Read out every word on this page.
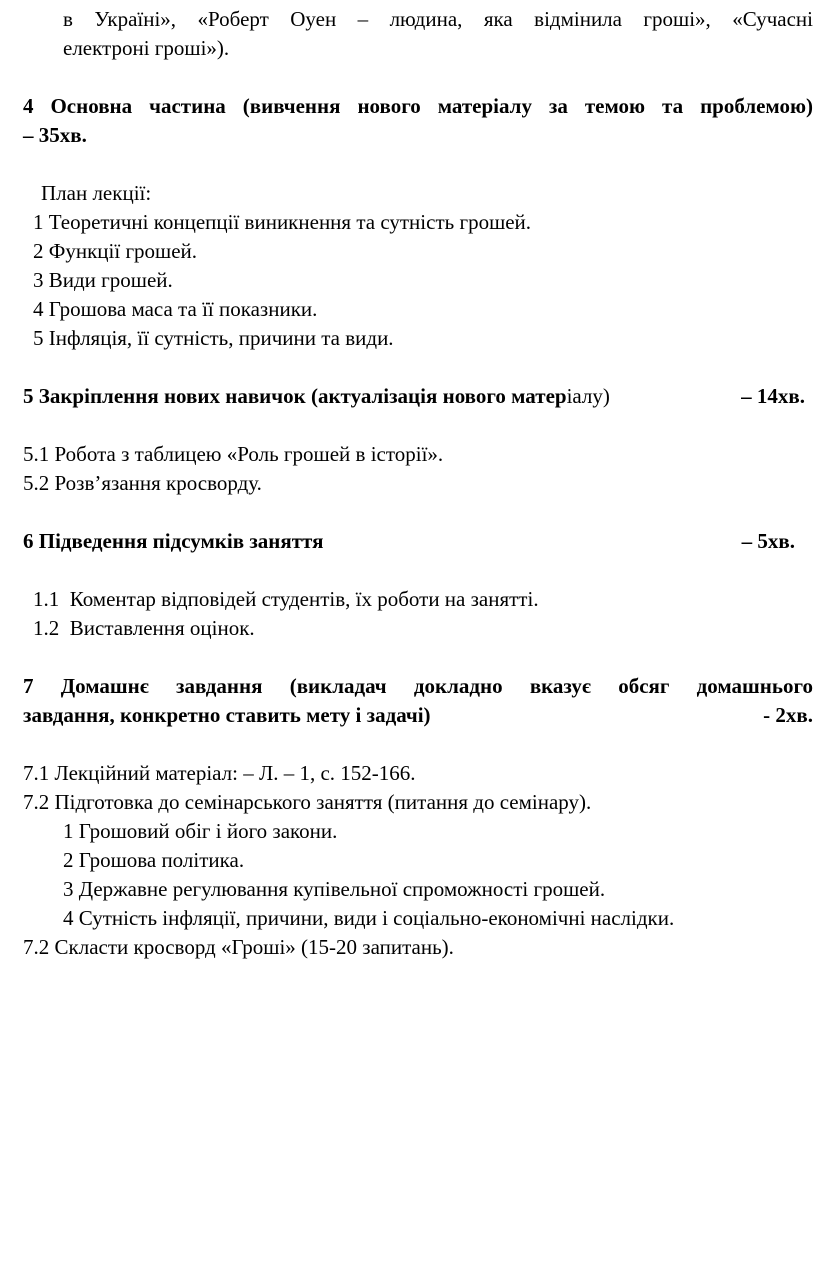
в Україні», «Роберт Оуен – людина, яка відмінила гроші», «Сучасні
електроні гроші»).
4 Основна частина (вивчення нового матеріалу за темою та проблемою)
– 35хв.
План лекції:
1 Теоретичні концепції виникнення та сутність грошей.
2 Функції грошей.
3 Види грошей.
4 Грошова маса та її показники.
5 Інфляція, її сутність, причини та види.
5 Закріплення нових навичок (актуалізація нового матеріалу)	– 14хв.
5.1 Робота з таблицею «Роль грошей в історії».
5.2 Розв’язання кросворду.
6 Підведення підсумків заняття	– 5хв.
1.1 Коментар відповідей студентів, їх роботи на занятті.
1.2 Виставлення оцінок.
7 Домашнє завдання (викладач докладно вказує обсяг домашнього
завдання, конкретно ставить мету і задачі)	- 2хв.
7.1 Лекційний матеріал: – Л. – 1, с. 152-166.
7.2 Підготовка до семінарського заняття (питання до семінару).
1 Грошовий обіг і його закони.
2 Грошова політика.
3 Державне регулювання купівельної спроможності грошей.
4 Сутність інфляції, причини, види і соціально-економічні наслідки.
7.2 Скласти кросворд «Гроші» (15-20 запитань).
